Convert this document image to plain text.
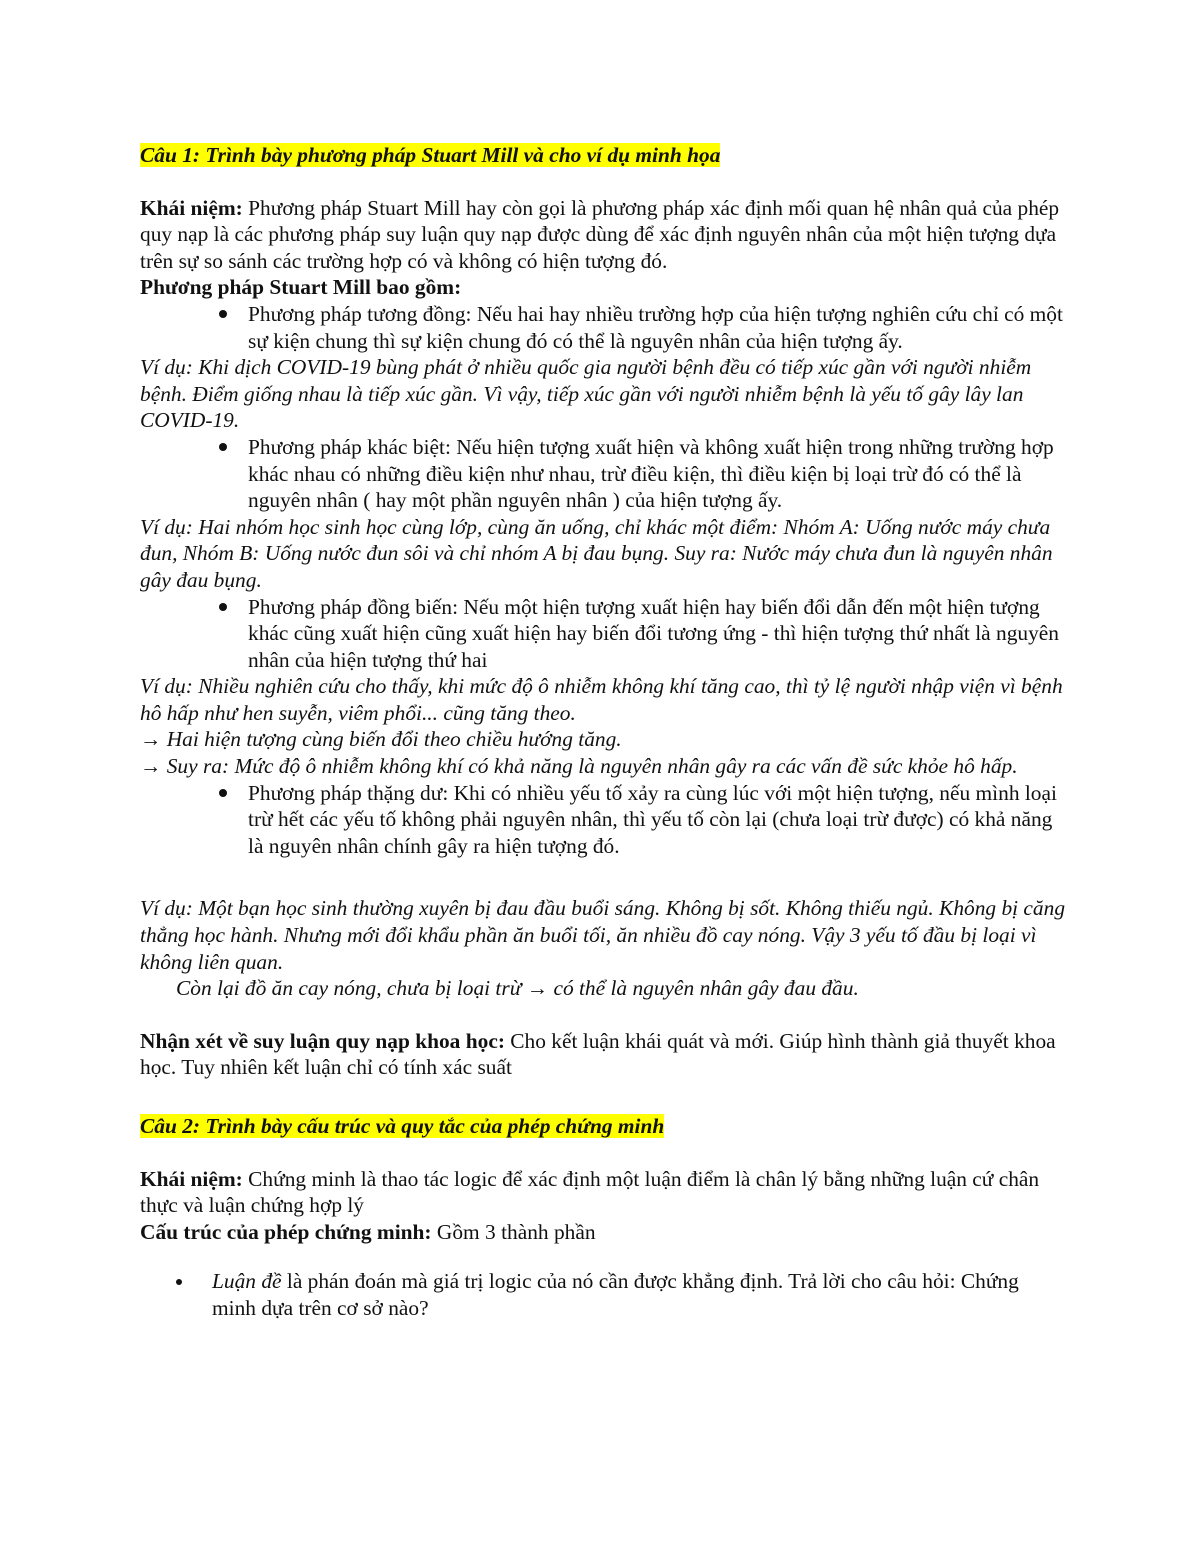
Câu 1: Trình bày phương pháp Stuart Mill và cho ví dụ minh họa

Khái niệm: Phương pháp Stuart Mill hay còn gọi là phương pháp xác định mối quan hệ nhân quả của phép quy nạp là các phương pháp suy luận quy nạp được dùng để xác định nguyên nhân của một hiện tượng dựa trên sự so sánh các trường hợp có và không có hiện tượng đó.

Phương pháp Stuart Mill bao gồm:

Phương pháp tương đồng: Nếu hai hay nhiều trường hợp của hiện tượng nghiên cứu chỉ có một sự kiện chung thì sự kiện chung đó có thể là nguyên nhân của hiện tượng ấy.

Ví dụ: Khi dịch COVID-19 bùng phát ở nhiều quốc gia người bệnh đều có tiếp xúc gần với người nhiễm bệnh. Điểm giống nhau là tiếp xúc gần. Vì vậy, tiếp xúc gần với người nhiễm bệnh là yếu tố gây lây lan COVID-19.

Phương pháp khác biệt: Nếu hiện tượng xuất hiện và không xuất hiện trong những trường hợp khác nhau có những điều kiện như nhau, trừ điều kiện, thì điều kiện bị loại trừ đó có thể là nguyên nhân ( hay một phần nguyên nhân ) của hiện tượng ấy.

Ví dụ: Hai nhóm học sinh học cùng lớp, cùng ăn uống, chỉ khác một điểm: Nhóm A: Uống nước máy chưa đun, Nhóm B: Uống nước đun sôi và chỉ nhóm A bị đau bụng. Suy ra: Nước máy chưa đun là nguyên nhân gây đau bụng.

Phương pháp đồng biến: Nếu một hiện tượng xuất hiện hay biến đổi dẫn đến một hiện tượng khác cũng xuất hiện cũng xuất hiện hay biến đổi tương ứng - thì hiện tượng thứ nhất là nguyên nhân của hiện tượng thứ hai

Ví dụ: Nhiều nghiên cứu cho thấy, khi mức độ ô nhiễm không khí tăng cao, thì tỷ lệ người nhập viện vì bệnh hô hấp như hen suyễn, viêm phổi... cũng tăng theo.

→ Hai hiện tượng cùng biến đổi theo chiều hướng tăng.

→ Suy ra: Mức độ ô nhiễm không khí có khả năng là nguyên nhân gây ra các vấn đề sức khỏe hô hấp.

Phương pháp thặng dư: Khi có nhiều yếu tố xảy ra cùng lúc với một hiện tượng, nếu mình loại trừ hết các yếu tố không phải nguyên nhân, thì yếu tố còn lại (chưa loại trừ được) có khả năng là nguyên nhân chính gây ra hiện tượng đó.

Ví dụ: Một bạn học sinh thường xuyên bị đau đầu buổi sáng. Không bị sốt. Không thiếu ngủ. Không bị căng thẳng học hành. Nhưng mới đổi khẩu phần ăn buổi tối, ăn nhiều đồ cay nóng. Vậy 3 yếu tố đầu bị loại vì không liên quan.

Còn lại đồ ăn cay nóng, chưa bị loại trừ → có thể là nguyên nhân gây đau đầu.

Nhận xét về suy luận quy nạp khoa học: Cho kết luận khái quát và mới. Giúp hình thành giả thuyết khoa học. Tuy nhiên kết luận chỉ có tính xác suất

Câu 2: Trình bày cấu trúc và quy tắc của phép chứng minh

Khái niệm: Chứng minh là thao tác logic để xác định một luận điểm là chân lý bằng những luận cứ chân thực và luận chứng hợp lý

Cấu trúc của phép chứng minh: Gồm 3 thành phần

Luận đề là phán đoán mà giá trị logic của nó cần được khẳng định. Trả lời cho câu hỏi: Chứng minh dựa trên cơ sở nào?
